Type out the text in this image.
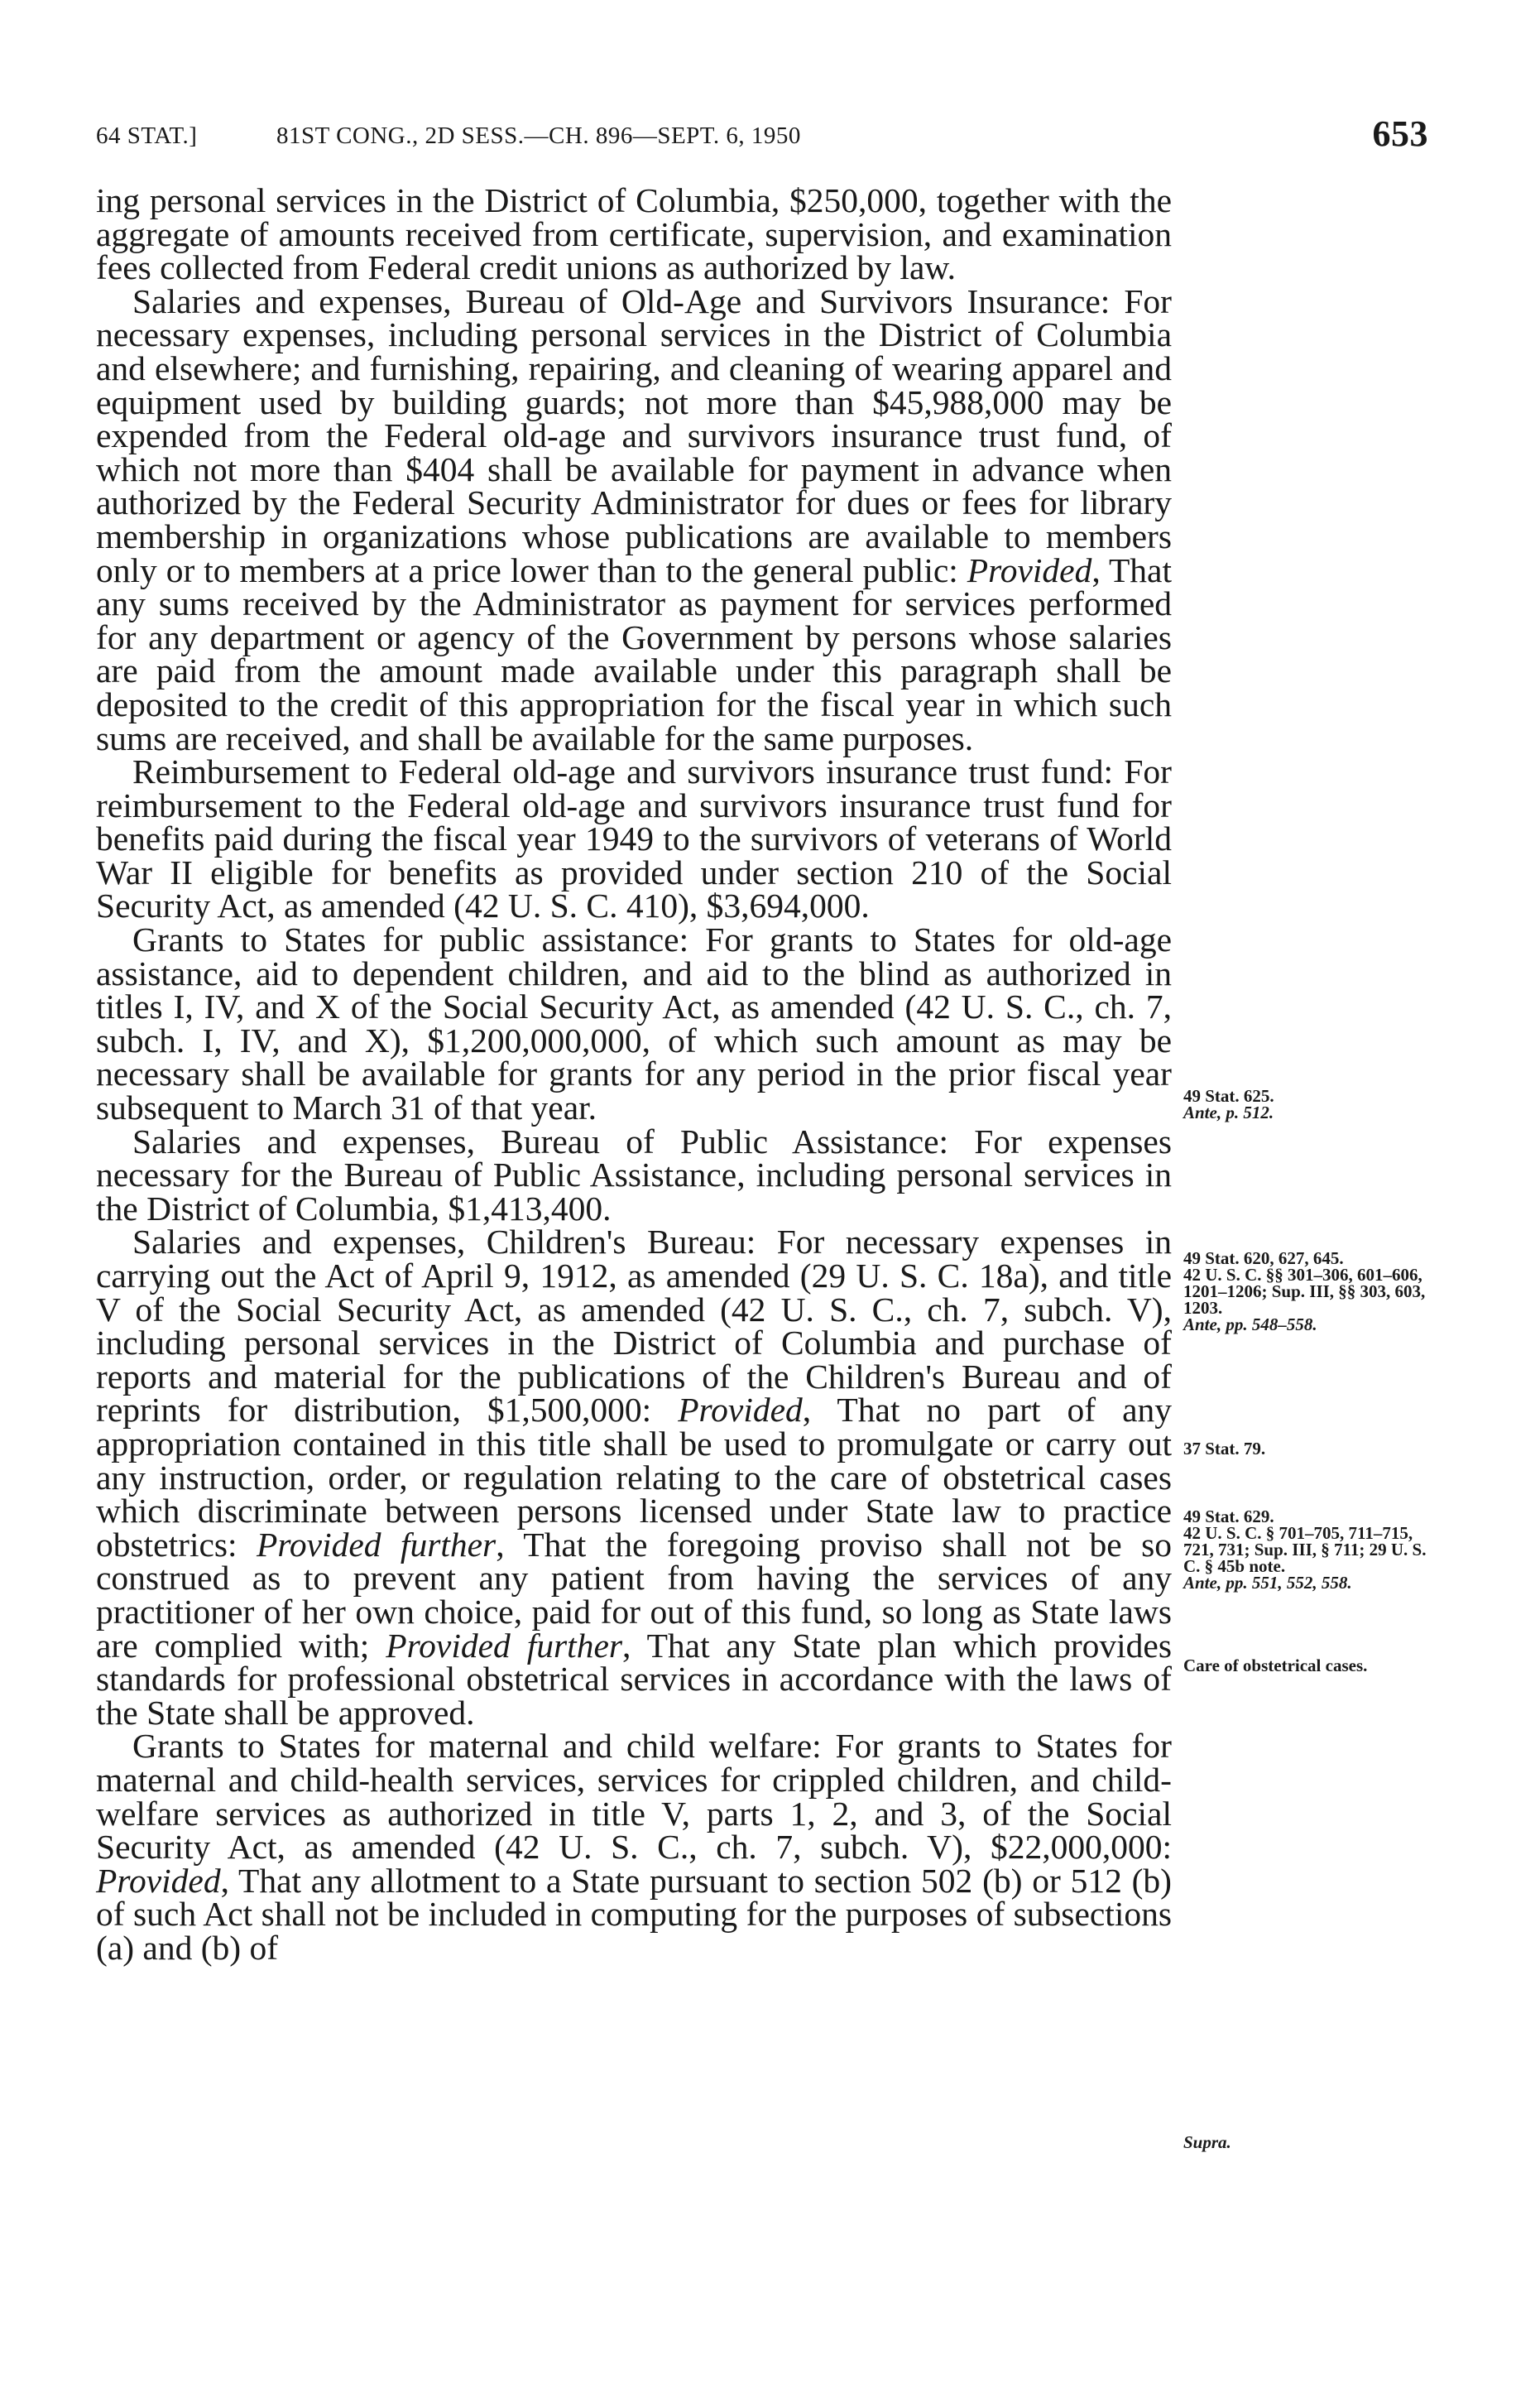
64 STAT.]	81ST CONG., 2D SESS.—CH. 896—SEPT. 6, 1950	653

ing personal services in the District of Columbia, $250,000, together with the aggregate of amounts received from certificate, supervision, and examination fees collected from Federal credit unions as authorized by law.

Salaries and expenses, Bureau of Old-Age and Survivors Insurance: For necessary expenses, including personal services in the District of Columbia and elsewhere; and furnishing, repairing, and cleaning of wearing apparel and equipment used by building guards; not more than $45,988,000 may be expended from the Federal old-age and survivors insurance trust fund, of which not more than $404 shall be available for payment in advance when authorized by the Federal Security Administrator for dues or fees for library membership in organizations whose publications are available to members only or to members at a price lower than to the general public: Provided, That any sums received by the Administrator as payment for services performed for any department or agency of the Government by persons whose salaries are paid from the amount made available under this paragraph shall be deposited to the credit of this appropriation for the fiscal year in which such sums are received, and shall be available for the same purposes.

Reimbursement to Federal old-age and survivors insurance trust fund: For reimbursement to the Federal old-age and survivors insurance trust fund for benefits paid during the fiscal year 1949 to the survivors of veterans of World War II eligible for benefits as provided under section 210 of the Social Security Act, as amended (42 U. S. C. 410), $3,694,000.

Grants to States for public assistance: For grants to States for old-age assistance, aid to dependent children, and aid to the blind as authorized in titles I, IV, and X of the Social Security Act, as amended (42 U. S. C., ch. 7, subch. I, IV, and X), $1,200,000,000, of which such amount as may be necessary shall be available for grants for any period in the prior fiscal year subsequent to March 31 of that year.

Salaries and expenses, Bureau of Public Assistance: For expenses necessary for the Bureau of Public Assistance, including personal services in the District of Columbia, $1,413,400.

Salaries and expenses, Children's Bureau: For necessary expenses in carrying out the Act of April 9, 1912, as amended (29 U. S. C. 18a), and title V of the Social Security Act, as amended (42 U. S. C., ch. 7, subch. V), including personal services in the District of Columbia and purchase of reports and material for the publications of the Children's Bureau and of reprints for distribution, $1,500,000: Provided, That no part of any appropriation contained in this title shall be used to promulgate or carry out any instruction, order, or regulation relating to the care of obstetrical cases which discriminate between persons licensed under State law to practice obstetrics: Provided further, That the foregoing proviso shall not be so construed as to prevent any patient from having the services of any practitioner of her own choice, paid for out of this fund, so long as State laws are complied with; Provided further, That any State plan which provides standards for professional obstetrical services in accordance with the laws of the State shall be approved.

Grants to States for maternal and child welfare: For grants to States for maternal and child-health services, services for crippled children, and child-welfare services as authorized in title V, parts 1, 2, and 3, of the Social Security Act, as amended (42 U. S. C., ch. 7, subch. V), $22,000,000: Provided, That any allotment to a State pursuant to section 502 (b) or 512 (b) of such Act shall not be included in computing for the purposes of subsections (a) and (b) of

49 Stat. 625.
Ante, p. 512.
49 Stat. 620, 627, 645.
42 U. S. C. §§ 301–306, 601–606, 1201–1206; Sup. III, §§ 303, 603, 1203.
Ante, pp. 548–558.
37 Stat. 79.
49 Stat. 629.
42 U. S. C. § 701–705, 711–715, 721, 731; Sup. III, § 711; 29 U. S. C. § 45b note.
Ante, pp. 551, 552, 558.
Care of obstetrical cases.
Supra.
